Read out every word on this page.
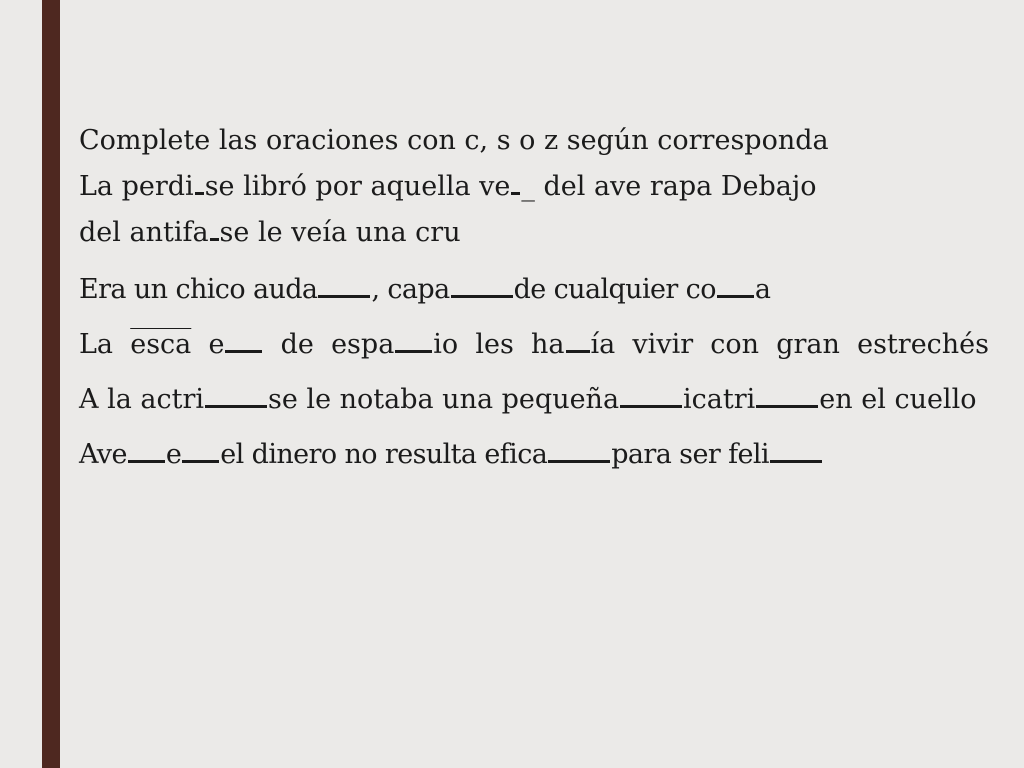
Complete las oraciones con c, s o z según corresponda
La perdi se libró por aquella ve _ del ave rapa Debajo
del antifa se le veía una cru
Era un chico auda , capa de cualquier co a
La esca e de espa io les ha ía vivir con gran estrechés
A la actri se le notaba una pequeña icatri en el cuello
Ave e el dinero no resulta efica para ser feli
